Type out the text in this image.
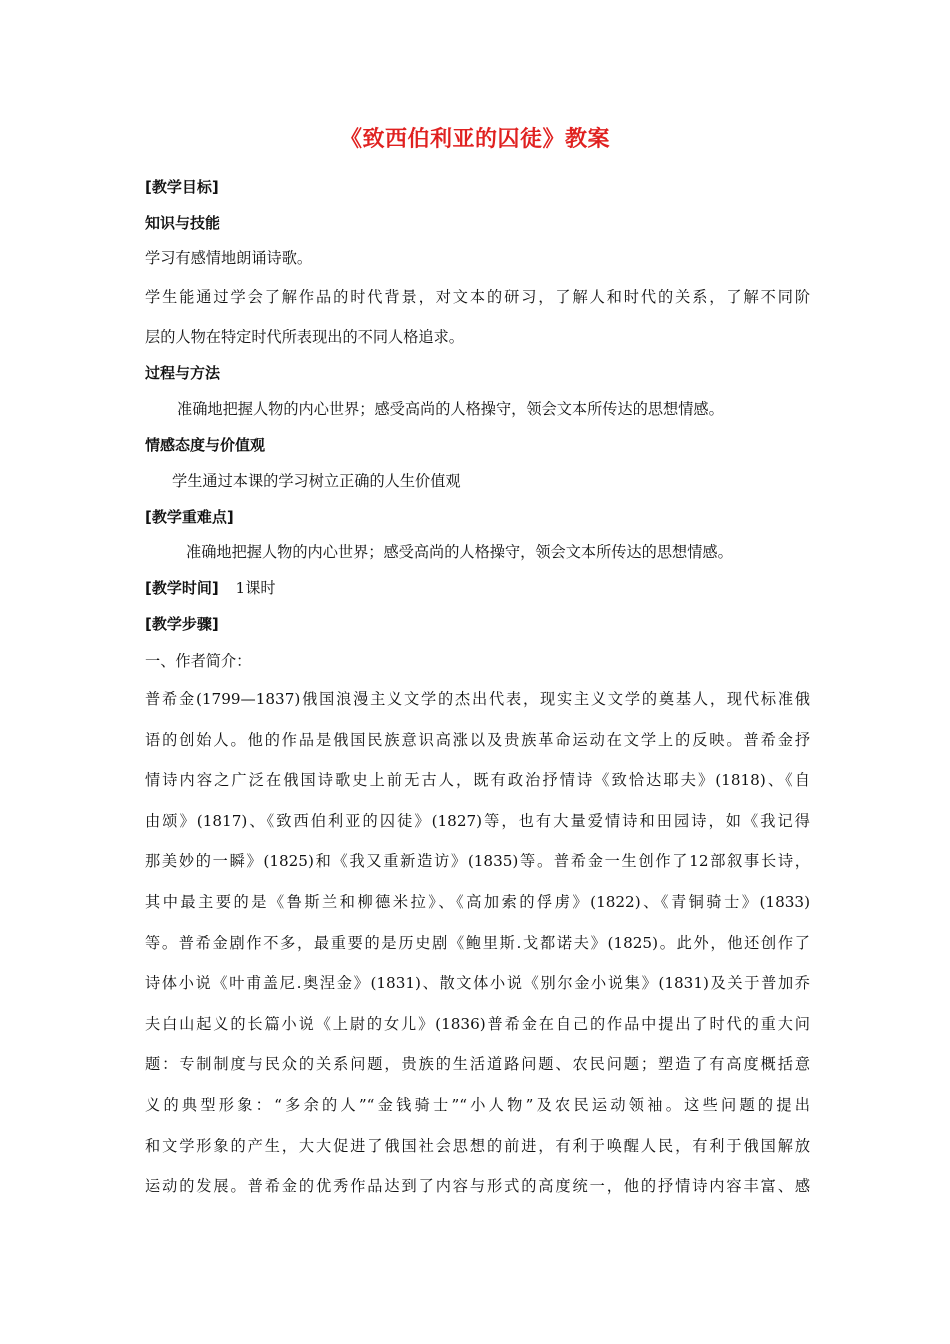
《致西伯利亚的囚徒》教案
[教学目标]
知识与技能
学习有感情地朗诵诗歌。
学生能通过学会了解作品的时代背景，对文本的研习，了解人和时代的关系，了解不同阶
层的人物在特定时代所表现出的不同人格追求。
过程与方法
准确地把握人物的内心世界；感受高尚的人格操守，领会文本所传达的思想情感。
情感态度与价值观
学生通过本课的学习树立正确的人生价值观
[教学重难点]
准确地把握人物的内心世界；感受高尚的人格操守，领会文本所传达的思想情感。
[教学时间] 1课时
[教学步骤]
一、作者简介：
普希金(1799—1837)俄国浪漫主义文学的杰出代表，现实主义文学的奠基人，现代标准俄
语的创始人。他的作品是俄国民族意识高涨以及贵族革命运动在文学上的反映。普希金抒
情诗内容之广泛在俄国诗歌史上前无古人，既有政治抒情诗《致恰达耶夫》(1818)、《自
由颂》(1817)、《致西伯利亚的囚徒》(1827)等，也有大量爱情诗和田园诗，如《我记得
那美妙的一瞬》(1825)和《我又重新造访》(1835)等。普希金一生创作了12部叙事长诗，
其中最主要的是《鲁斯兰和柳德米拉》、《高加索的俘虏》(1822)、《青铜骑士》(1833)
等。普希金剧作不多，最重要的是历史剧《鲍里斯.戈都诺夫》(1825)。此外，他还创作了
诗体小说《叶甫盖尼.奥涅金》(1831)、散文体小说《别尔金小说集》(1831)及关于普加乔
夫白山起义的长篇小说《上尉的女儿》(1836)普希金在自己的作品中提出了时代的重大问
题：专制制度与民众的关系问题，贵族的生活道路问题、农民问题；塑造了有高度概括意
义的典型形象：“多余的人”“金钱骑士”“小人物”及农民运动领袖。这些问题的提出
和文学形象的产生，大大促进了俄国社会思想的前进，有利于唤醒人民，有利于俄国解放
运动的发展。普希金的优秀作品达到了内容与形式的高度统一，他的抒情诗内容丰富、感
